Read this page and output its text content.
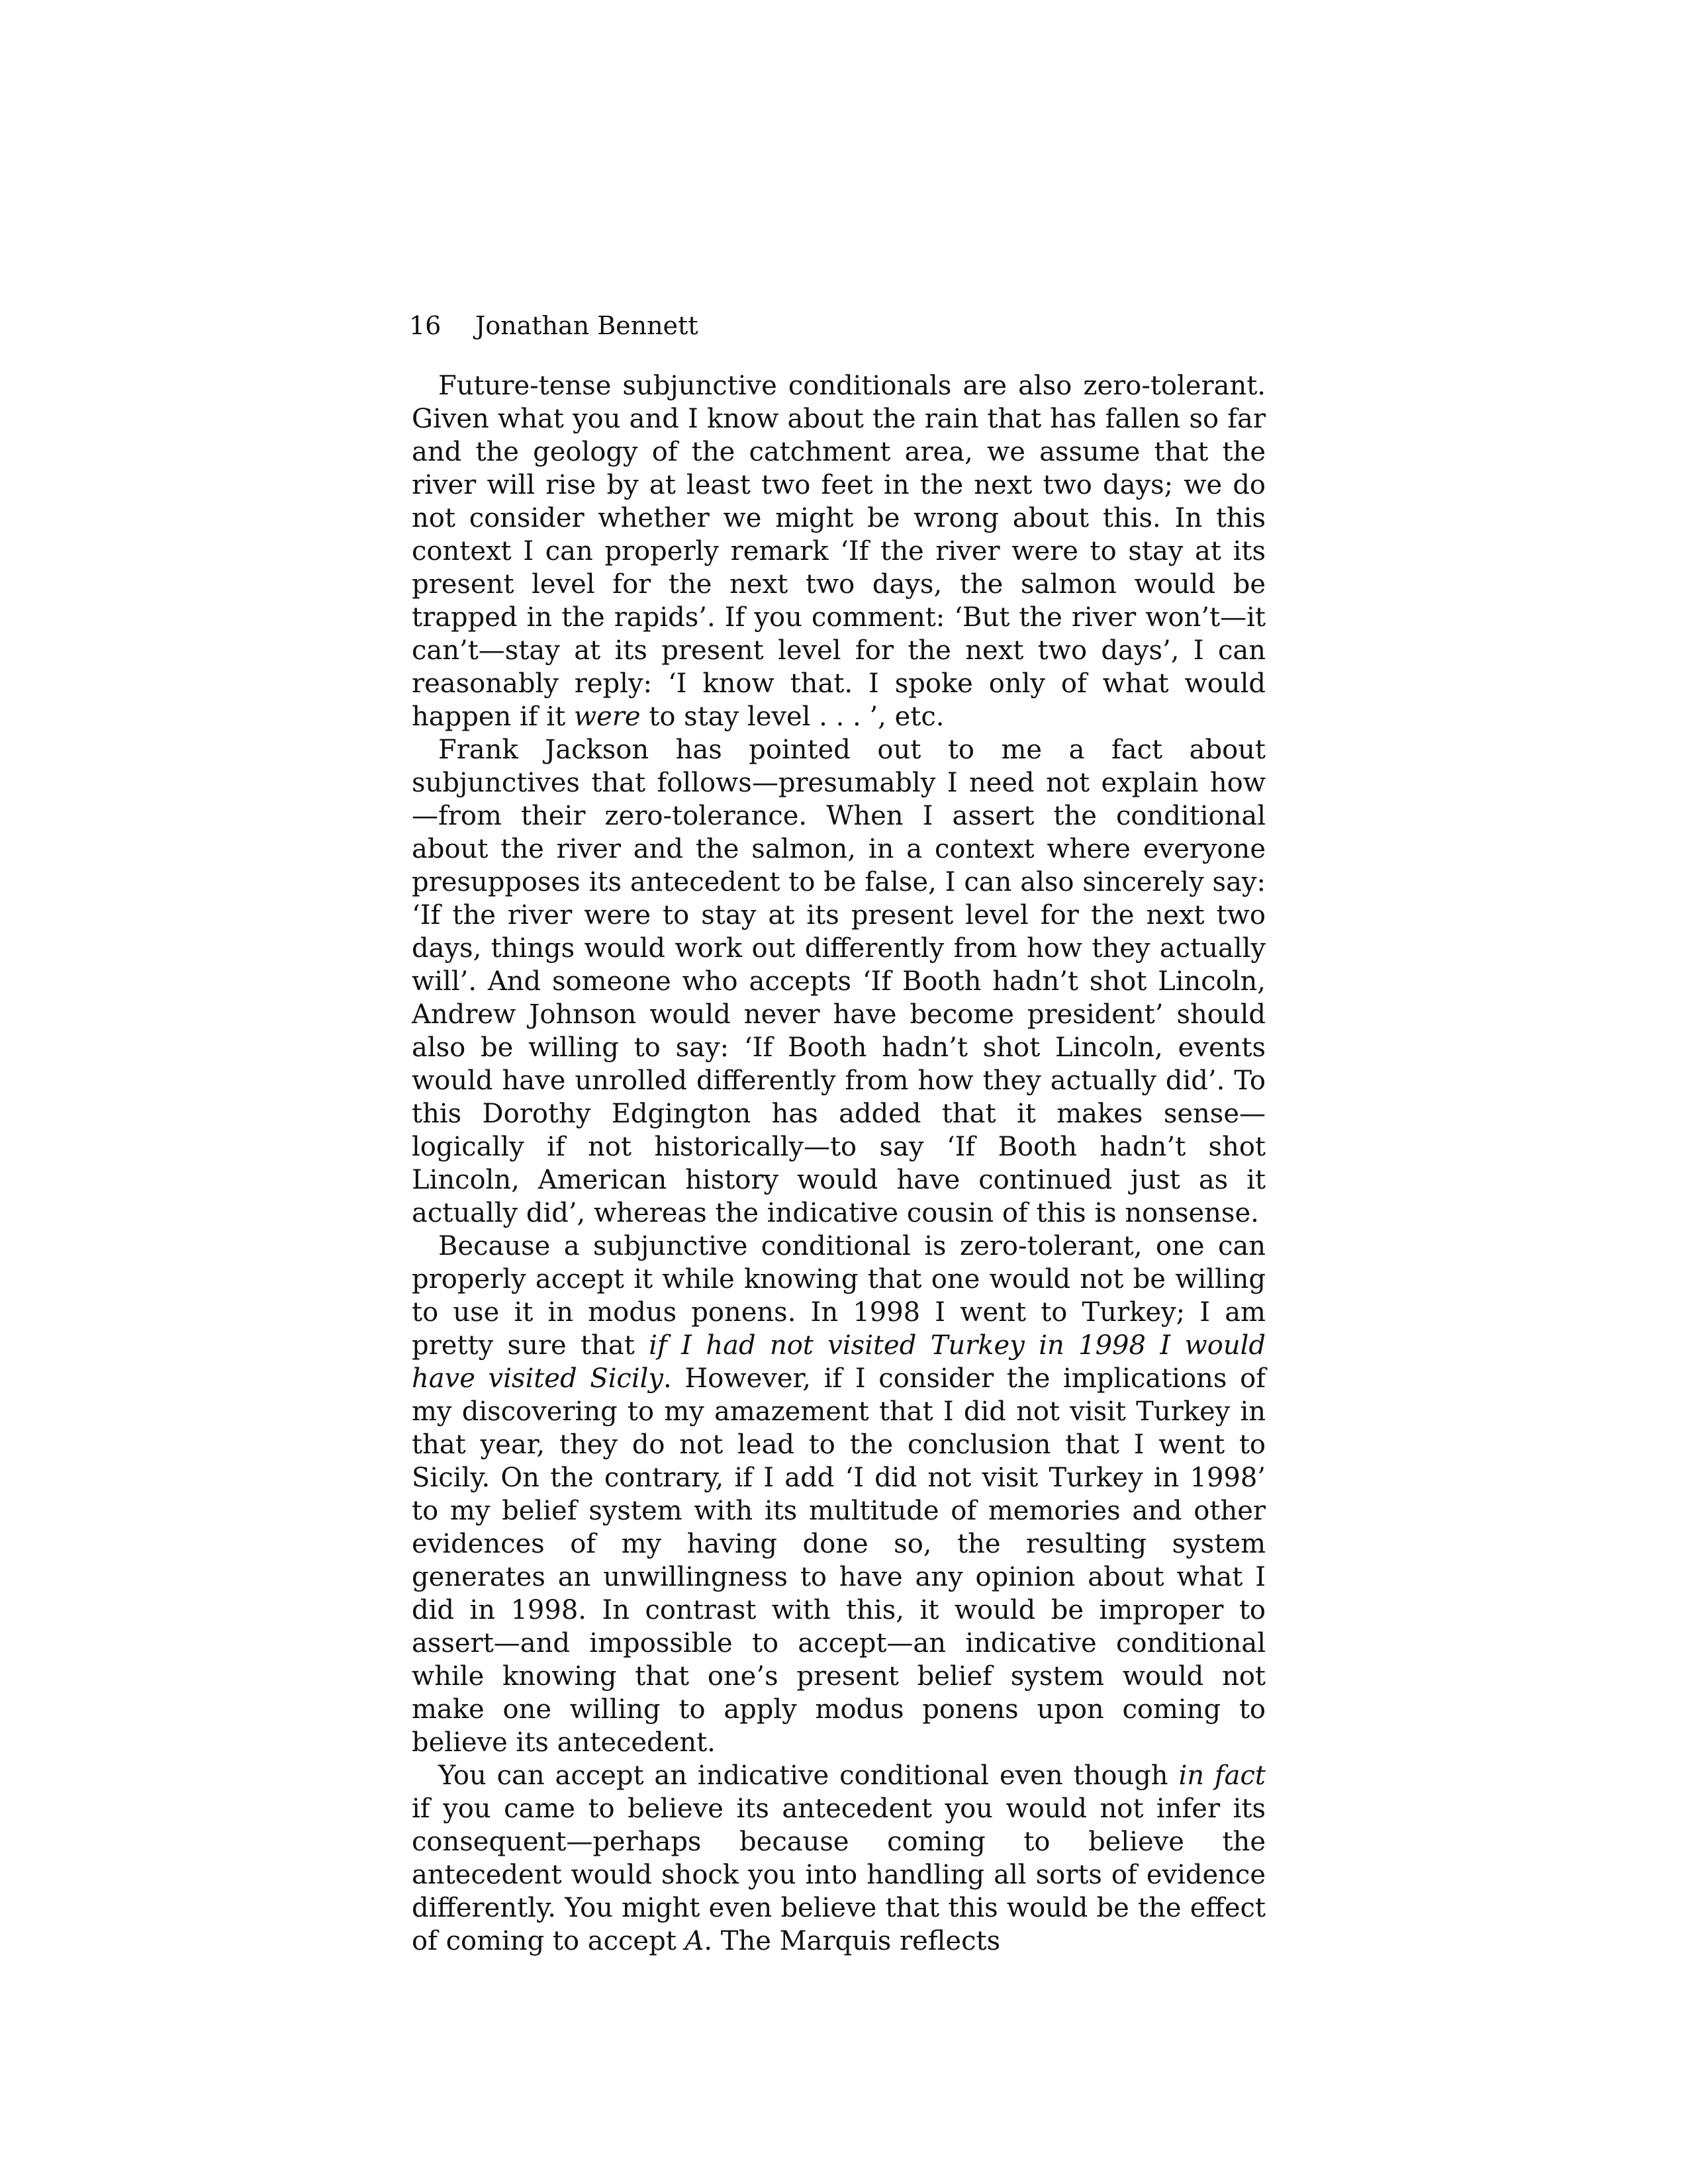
16 Jonathan Bennett

Future-tense subjunctive conditionals are also zero-tolerant. Given what you and I know about the rain that has fallen so far and the geology of the catchment area, we assume that the river will rise by at least two feet in the next two days; we do not consider whether we might be wrong about this. In this context I can properly remark ‘If the river were to stay at its present level for the next two days, the salmon would be trapped in the rapids’. If you comment: ‘But the river won’t—it can’t—stay at its present level for the next two days’, I can reasonably reply: ‘I know that. I spoke only of what would happen if it were to stay level . . . ’, etc.

Frank Jackson has pointed out to me a fact about subjunctives that follows—presumably I need not explain how—from their zero-tolerance. When I assert the conditional about the river and the salmon, in a context where everyone presupposes its antecedent to be false, I can also sincerely say: ‘If the river were to stay at its present level for the next two days, things would work out differently from how they actually will’. And someone who accepts ‘If Booth hadn’t shot Lincoln, Andrew Johnson would never have become president’ should also be willing to say: ‘If Booth hadn’t shot Lincoln, events would have unrolled differently from how they actually did’. To this Dorothy Edgington has added that it makes sense—logically if not historically—to say ‘If Booth hadn’t shot Lincoln, American history would have continued just as it actually did’, whereas the indicative cousin of this is nonsense.

Because a subjunctive conditional is zero-tolerant, one can properly accept it while knowing that one would not be willing to use it in modus ponens. In 1998 I went to Turkey; I am pretty sure that if I had not visited Turkey in 1998 I would have visited Sicily. However, if I consider the implications of my discovering to my amazement that I did not visit Turkey in that year, they do not lead to the conclusion that I went to Sicily. On the contrary, if I add ‘I did not visit Turkey in 1998’ to my belief system with its multitude of memories and other evidences of my having done so, the resulting system generates an unwillingness to have any opinion about what I did in 1998. In contrast with this, it would be improper to assert—and impossible to accept—an indicative conditional while knowing that one’s present belief system would not make one willing to apply modus ponens upon coming to believe its antecedent.

You can accept an indicative conditional even though in fact if you came to believe its antecedent you would not infer its consequent—perhaps because coming to believe the antecedent would shock you into handling all sorts of evidence differently. You might even believe that this would be the effect of coming to accept A. The Marquis reflects
